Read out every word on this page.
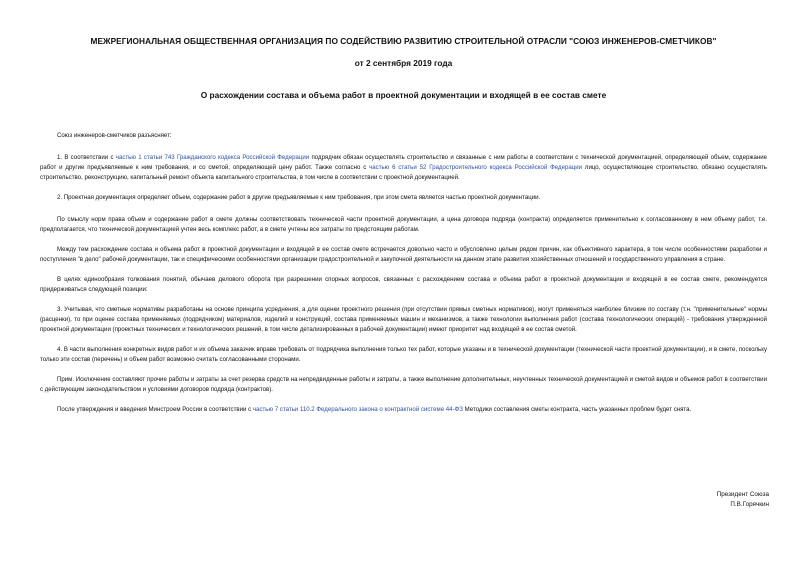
МЕЖРЕГИОНАЛЬНАЯ ОБЩЕСТВЕННАЯ ОРГАНИЗАЦИЯ ПО СОДЕЙСТВИЮ РАЗВИТИЮ СТРОИТЕЛЬНОЙ ОТРАСЛИ "СОЮЗ ИНЖЕНЕРОВ-СМЕТЧИКОВ"
от 2 сентября 2019 года
О расхождении состава и объема работ в проектной документации и входящей в ее состав смете

Союз инженеров-сметчиков разъясняет:

1. В соответствии с частью 1 статьи 743 Гражданского кодекса Российской Федерации подрядчик обязан осуществлять строительство и связанные с ним работы в соответствии с технической документацией, определяющей объем, содержание работ и другие предъявляемые к ним требования, и со сметой, определяющей цену работ. Также согласно с частью 6 статьи 52 Градостроительного кодекса Российской Федерации лицо, осуществляющее строительство, обязано осуществлять строительство, реконструкцию, капитальный ремонт объекта капитального строительства, в том числе в соответствии с проектной документацией.

2. Проектная документация определяет объем, содержание работ в другие предъявляемые к ним требования, при этом смета является частью проектной документации.

По смыслу норм права объем и содержание работ в смете должны соответствовать технической части проектной документации, а цена договора подряда (контракта) определяется применительно к согласованному в нем объему работ, т.е. предполагается, что технической документацией учтен весь комплекс работ, а в смете учтены все затраты по предстоящим работам.

Между тем расхождение состава и объема работ в проектной документации и входящей в ее состав смете встречается довольно часто и обусловлено целым рядом причин, как объективного характера, в том числе особенностями разработки и поступления "в дело" рабочей документации, так и специфическими особенностями организации градостроительной и закупочной деятельности на данном этапе развития хозяйственных отношений и государственного управления в стране.

В целях единообразия толкования понятий, обычаев делового оборота при разрешении спорных вопросов, связанных с расхождением состава и объема работ в проектной документации и входящей в ее состав смете, рекомендуется придерживаться следующей позиции:

3. Учитывая, что сметные нормативы разработаны на основе принципа усреднения, а для оценки проектного решения (при отсутствии прямых сметных нормативов), могут применяться наиболее близкие по составу (т.н. "применительные" нормы (расценки), то при оценке состава применяемых (подрядчиком) материалов, изделий и конструкций, состава применяемых машин и механизмов, а также технологии выполнения работ (состава технологических операций) - требования утвержденной проектной документации (проектных технических и технологических решений, в том числе детализированных в рабочей документации) имеют приоритет над входящей в ее состав сметой.

4. В части выполнения конкретных видов работ и их объема заказчик вправе требовать от подрядчика выполнения только тех работ, которые указаны и в технической документации (технической части проектной документации), и в смете, поскольку только эти состав (перечень) и объем работ возможно считать согласованными сторонами.

Прим. Исключение составляют прочие работы и затраты за счет резерва средств на непредвиденные работы и затраты, а также выполнение дополнительных, неучтенных технической документацией и сметой видов и объемов работ в соответствии с действующим законодательством и условиями договоров подряда (контрактов).

После утверждения и введения Минстроем России в соответствии с частью 7 статьи 110.2 Федерального закона о контрактной системе 44-ФЗ Методики составления сметы контракта, часть указанных проблем будет снята.

Президент Союза
П.В.Горячкин
